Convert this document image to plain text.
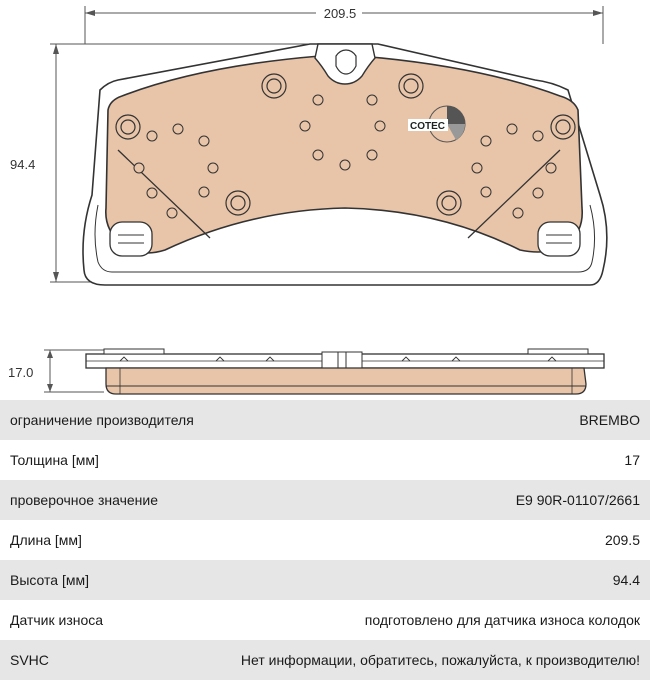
209.5
94.4
COTEC
17.0
ограничение производителя	BREMBO
Толщина [мм]	17
проверочное значение	E9 90R-01107/2661
Длина [мм]	209.5
Высота [мм]	94.4
Датчик износа	подготовлено для датчика износа колодок
SVHC	Нет информации, обратитесь, пожалуйста, к производителю!
